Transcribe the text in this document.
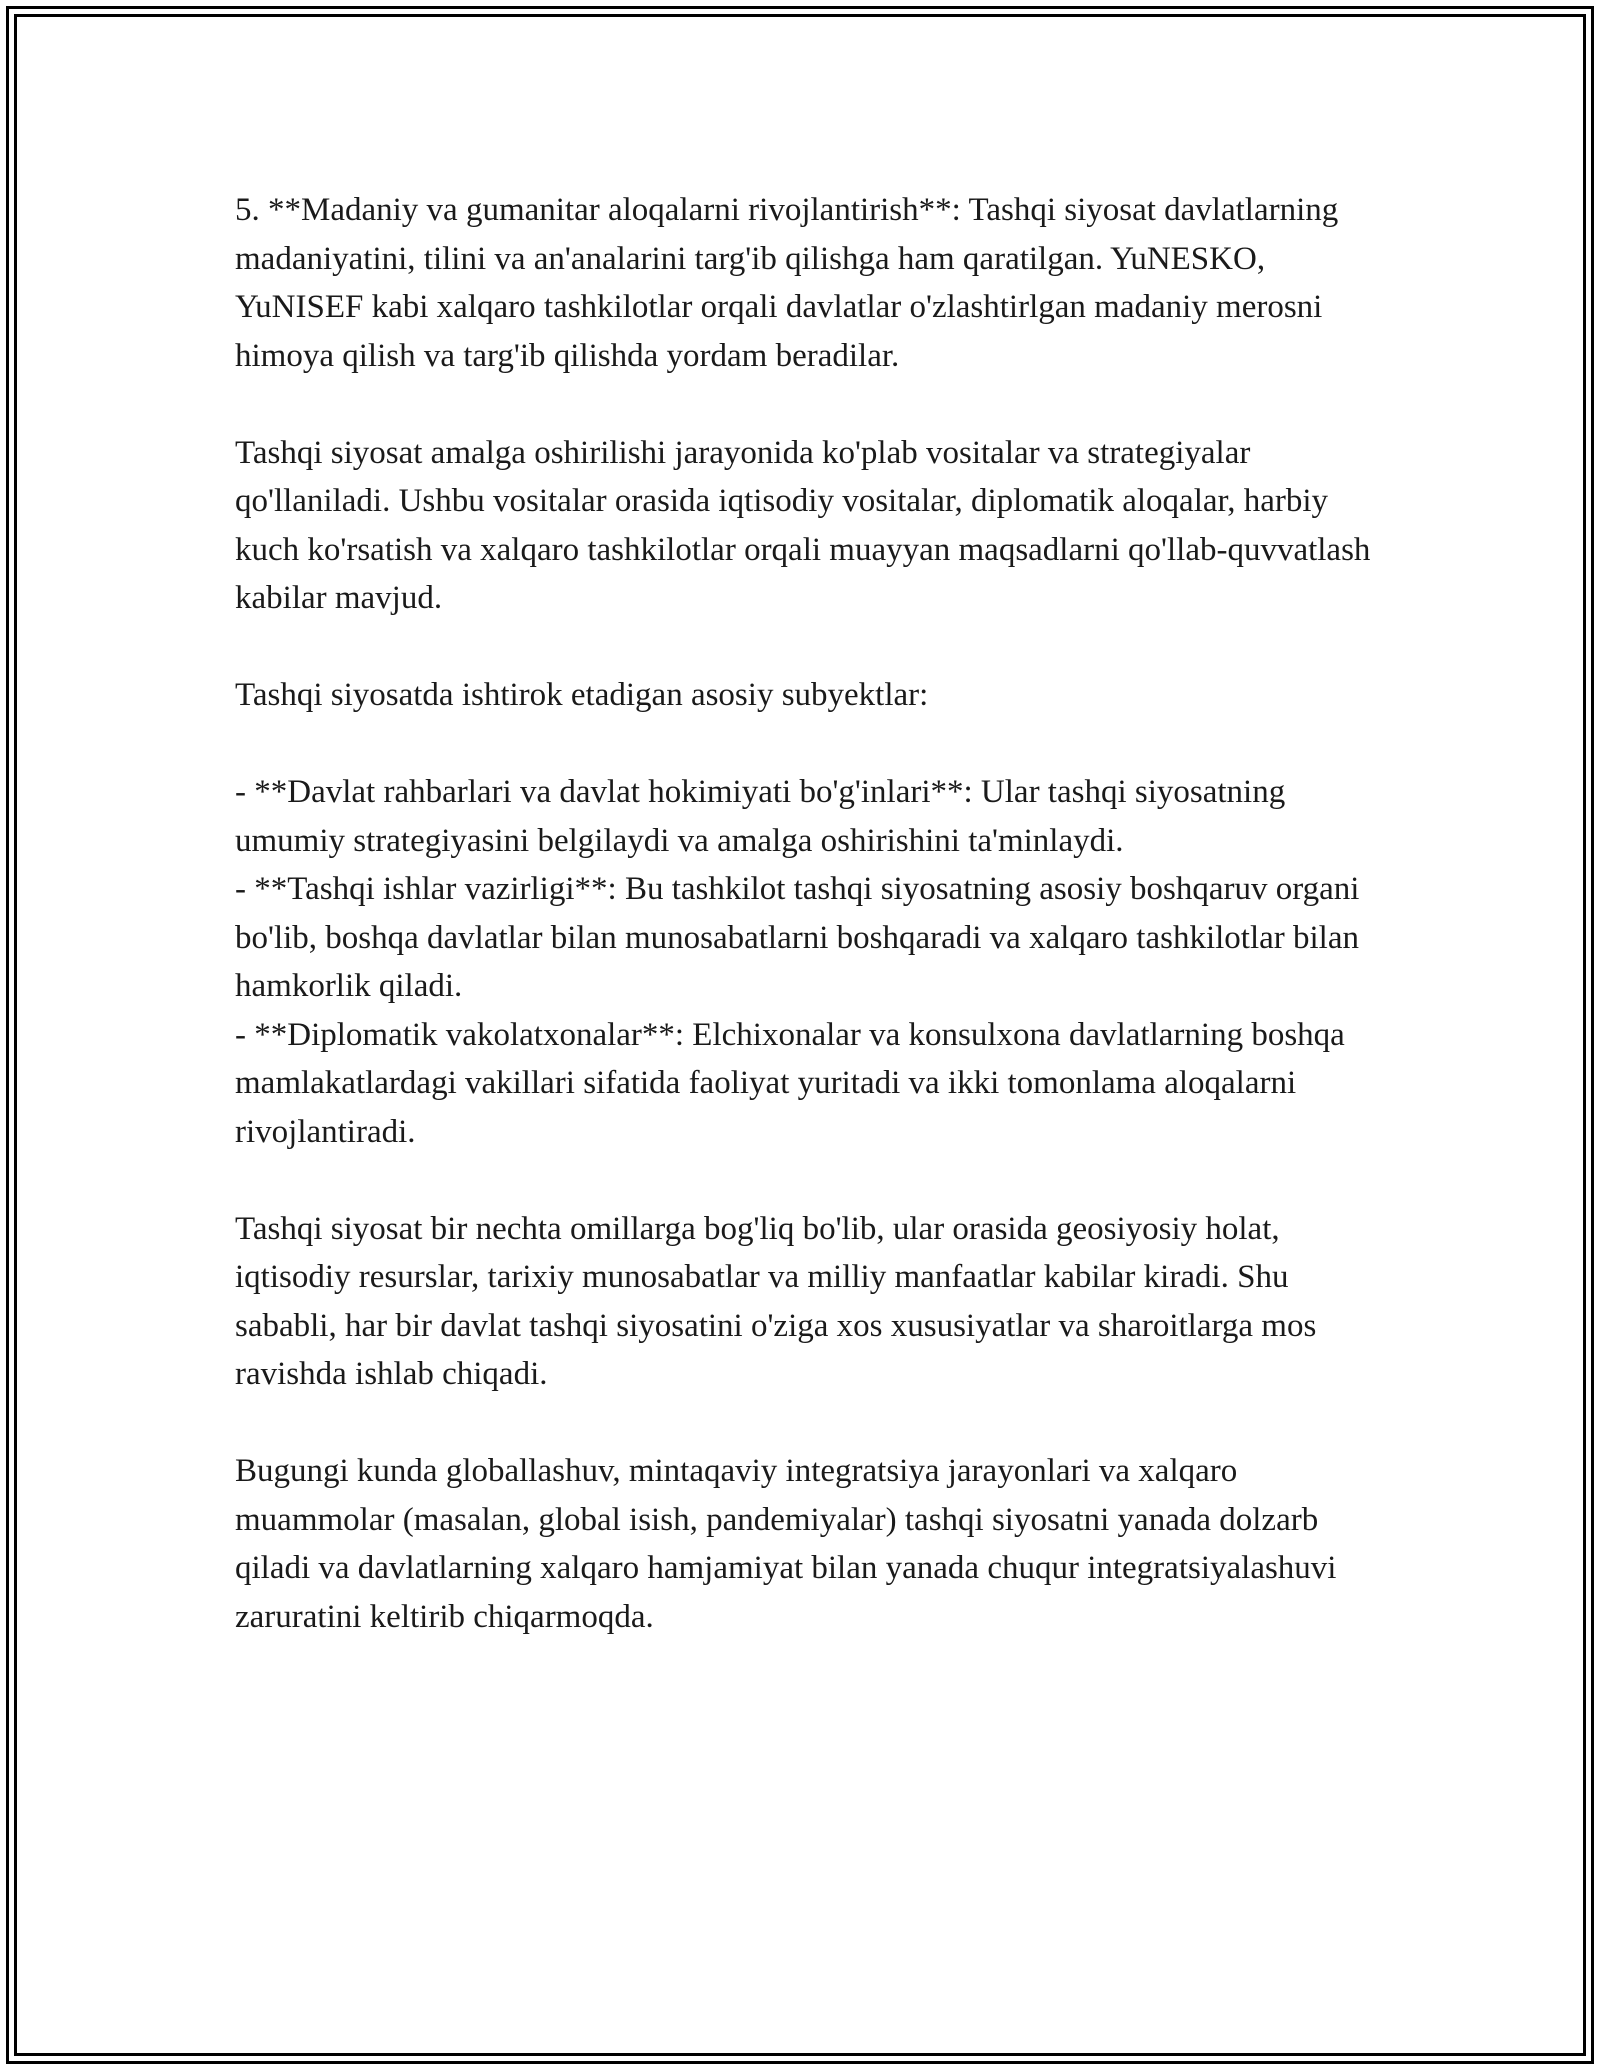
5. **Madaniy va gumanitar aloqalarni rivojlantirish**: Tashqi siyosat davlatlarning madaniyatini, tilini va an'analarini targ'ib qilishga ham qaratilgan. YuNESKO, YuNISEF kabi xalqaro tashkilotlar orqali davlatlar o'zlashtirlgan madaniy merosni himoya qilish va targ'ib qilishda yordam beradilar.

Tashqi siyosat amalga oshirilishi jarayonida ko'plab vositalar va strategiyalar qo'llaniladi. Ushbu vositalar orasida iqtisodiy vositalar, diplomatik aloqalar, harbiy kuch ko'rsatish va xalqaro tashkilotlar orqali muayyan maqsadlarni qo'llab-quvvatlash kabilar mavjud.

Tashqi siyosatda ishtirok etadigan asosiy subyektlar:

- **Davlat rahbarlari va davlat hokimiyati bo'g'inlari**: Ular tashqi siyosatning umumiy strategiyasini belgilaydi va amalga oshirishini ta'minlaydi.

- **Tashqi ishlar vazirligi**: Bu tashkilot tashqi siyosatning asosiy boshqaruv organi bo'lib, boshqa davlatlar bilan munosabatlarni boshqaradi va xalqaro tashkilotlar bilan hamkorlik qiladi.

- **Diplomatik vakolatxonalar**: Elchixonalar va konsulxona davlatlarning boshqa mamlakatlardagi vakillari sifatida faoliyat yuritadi va ikki tomonlama aloqalarni rivojlantiradi.

Tashqi siyosat bir nechta omillarga bog'liq bo'lib, ular orasida geosiyosiy holat, iqtisodiy resurslar, tarixiy munosabatlar va milliy manfaatlar kabilar kiradi. Shu sababli, har bir davlat tashqi siyosatini o'ziga xos xususiyatlar va sharoitlarga mos ravishda ishlab chiqadi.

Bugungi kunda globallashuv, mintaqaviy integratsiya jarayonlari va xalqaro muammolar (masalan, global isish, pandemiyalar) tashqi siyosatni yanada dolzarb qiladi va davlatlarning xalqaro hamjamiyat bilan yanada chuqur integratsiyalashuvi zaruratini keltirib chiqarmoqda.
